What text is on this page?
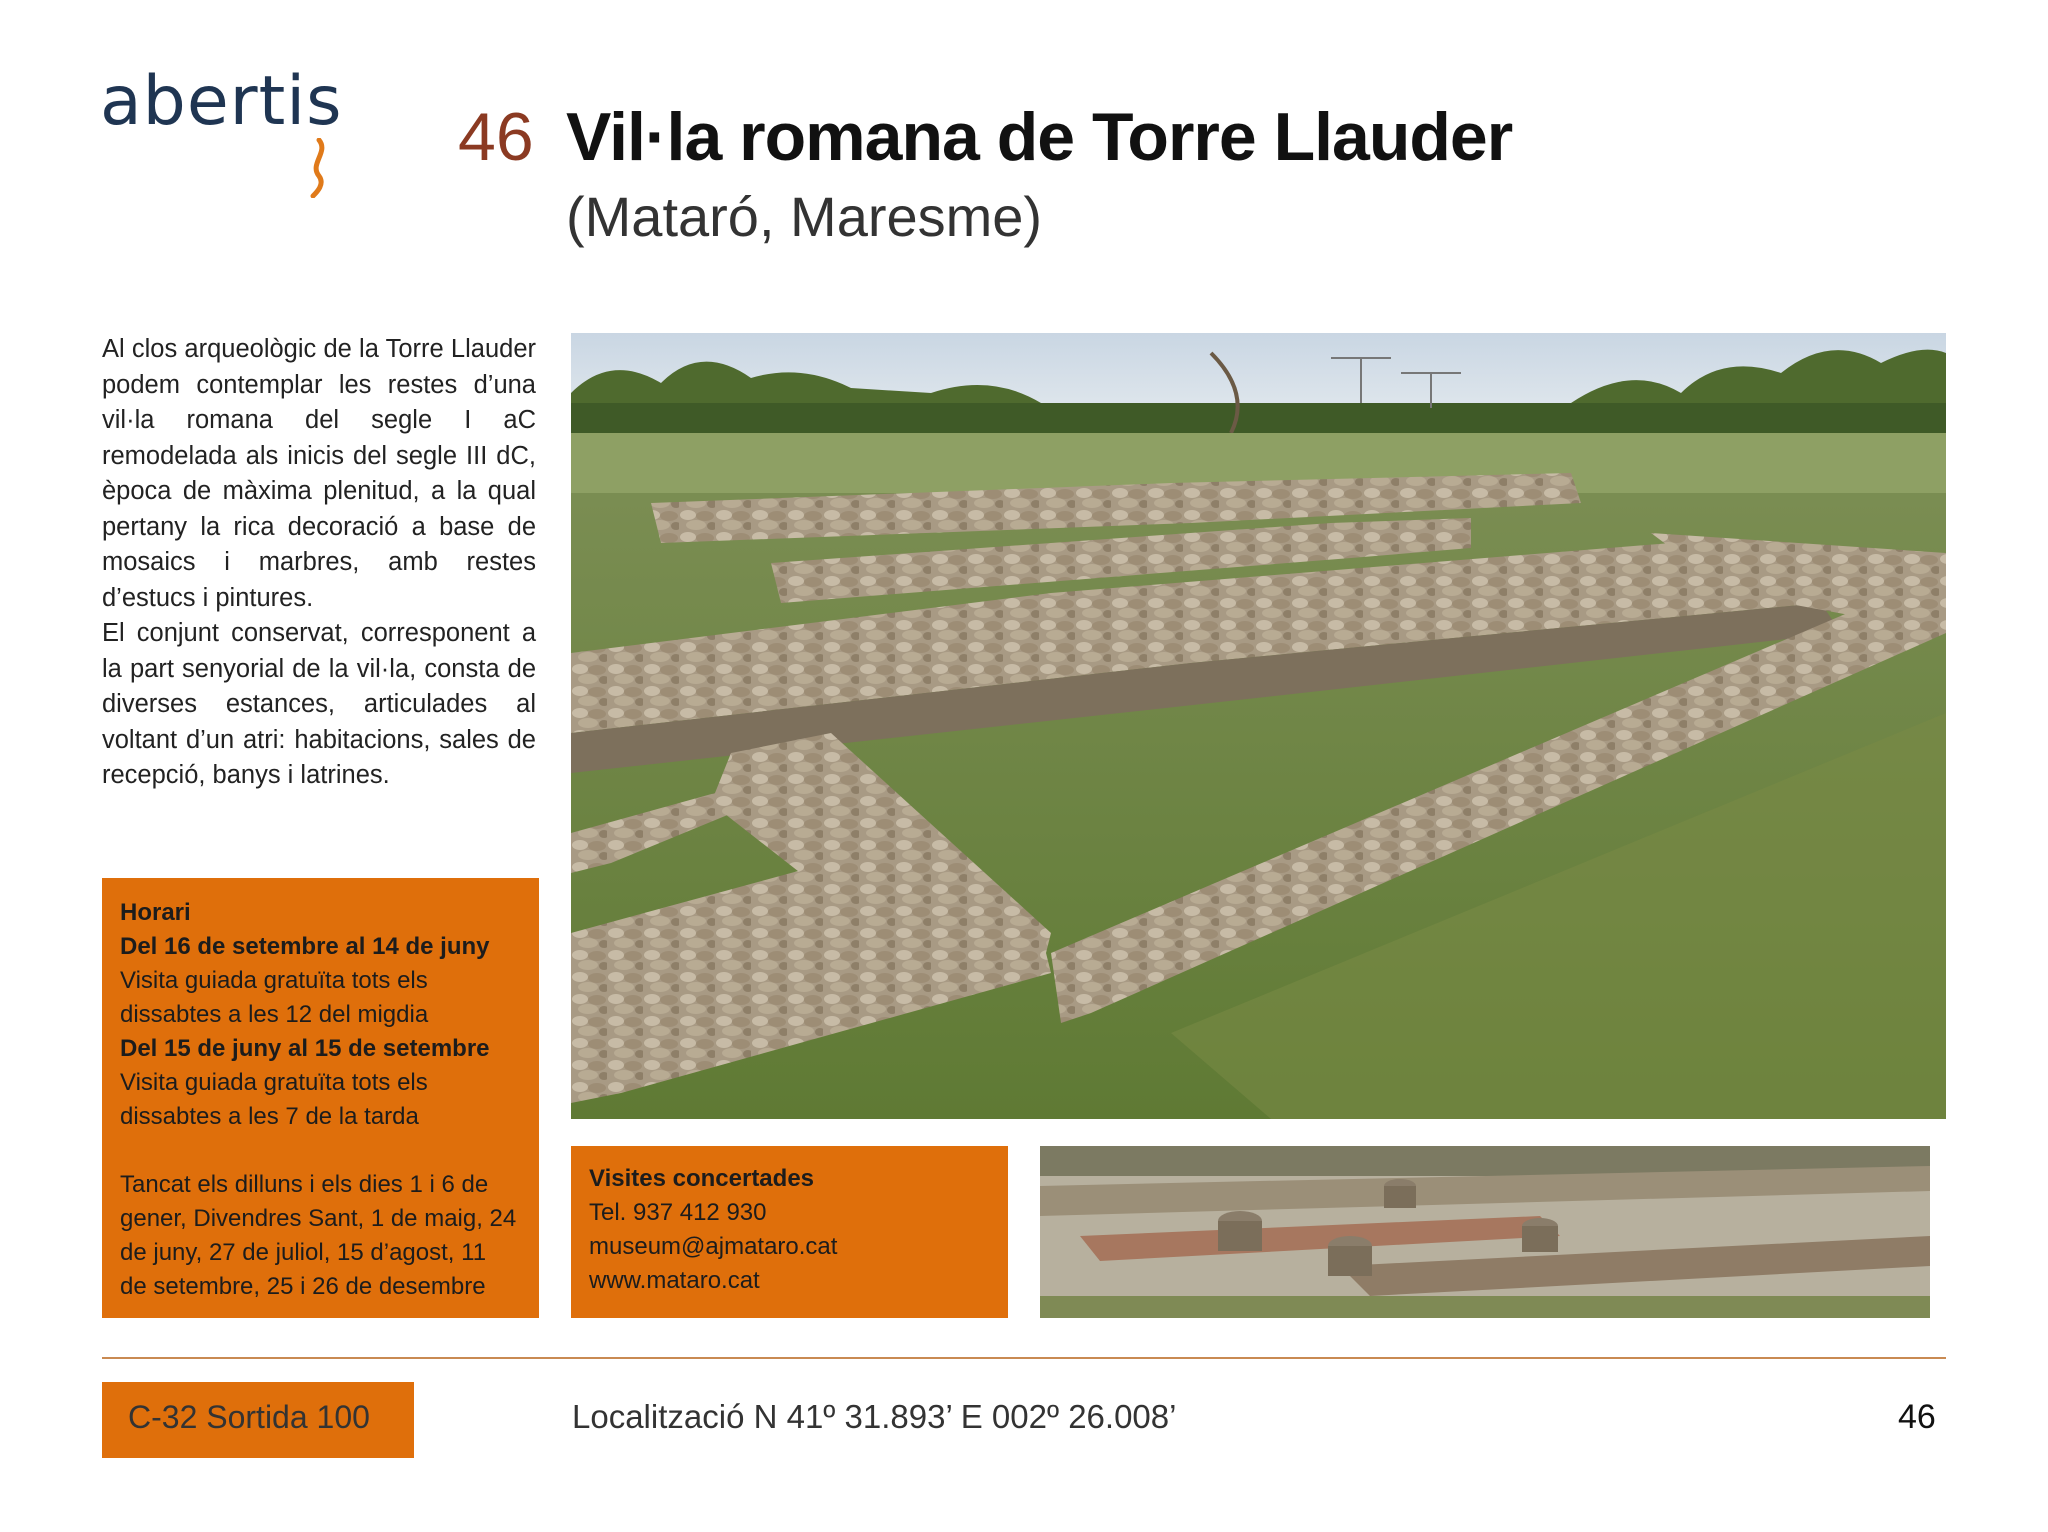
abertis 46 Vil·la romana de Torre Llauder
(Mataró, Maresme)

Al clos arqueològic de la Torre Llauder podem contemplar les restes d’una vil·la romana del segle I aC remodelada als inicis del segle III dC, època de màxima plenitud, a la qual pertany la rica decoració a base de mosaics i marbres, amb restes d’estucs i pintures.

El conjunt conservat, corresponent a la part senyorial de la vil·la, consta de diverses estances, articulades al voltant d’un atri: habitacions, sales de recepció, banys i latrines.

Horari
Del 16 de setembre al 14 de juny
Visita guiada gratuïta tots els
dissabtes a les 12 del migdia
Del 15 de juny al 15 de setembre
Visita guiada gratuïta tots els
dissabtes a les 7 de la tarda
Tancat els dilluns i els dies 1 i 6 de
gener, Divendres Sant, 1 de maig, 24
de juny, 27 de juliol, 15 d’agost, 11
de setembre, 25 i 26 de desembre
Visites concertades
Tel. 937 412 930
museum@ajmataro.cat
www.mataro.cat
C-32 Sortida 100	Localització N 41º 31.893’ E 002º 26.008’	46
